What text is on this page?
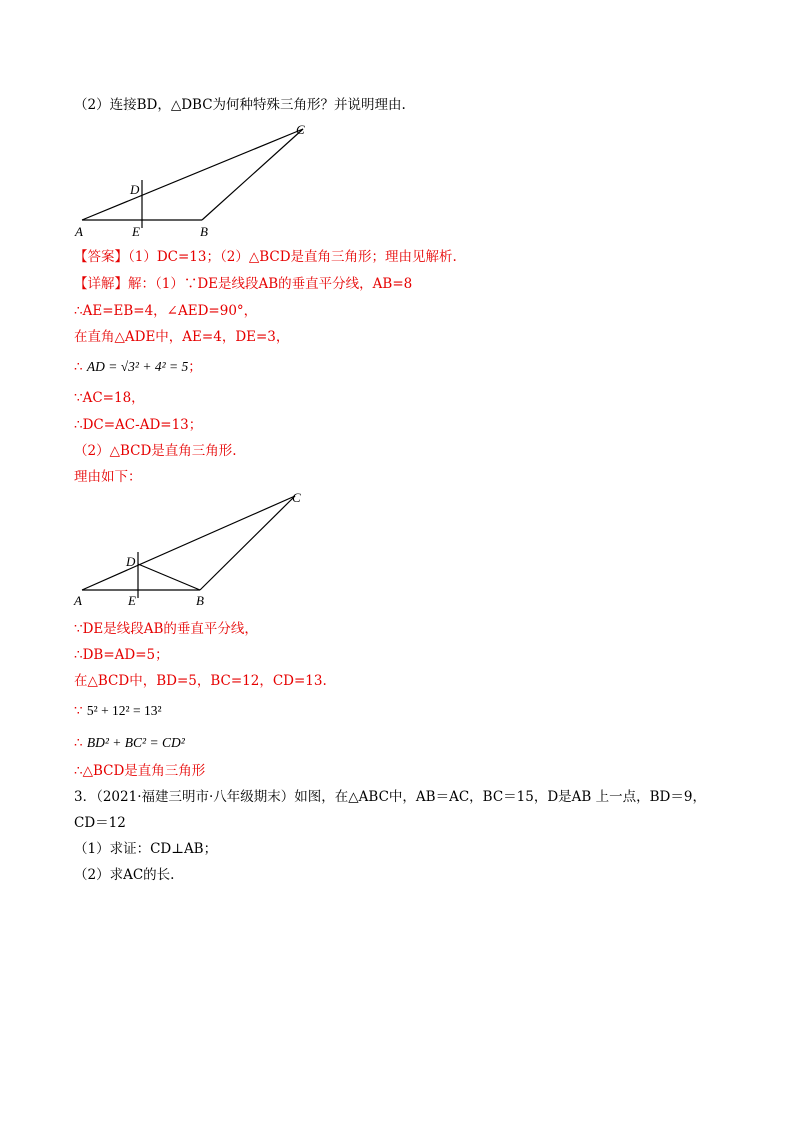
（2）连接BD，△DBC为何种特殊三角形？并说明理由.
A	B
C
D
E
【答案】（1）DC=13；（2）△BCD是直角三角形；理由见解析.
【详解】解：（1）∵DE是线段AB的垂直平分线，AB=8
∴AE=EB=4，∠AED=90°，
在直角△ADE中，AE=4，DE=3，
∴ AD = √3² + 4² = 5；
∵AC=18，
∴DC=AC-AD=13；
（2）△BCD是直角三角形.
理由如下：
A	B
C
D
E
∵DE是线段AB的垂直平分线，
∴DB=AD=5；
在△BCD中，BD=5，BC=12，CD=13.
∵ 5² + 12² = 13²
∴ BD² + BC² = CD²
∴△BCD是直角三角形
3．（2021·福建三明市·八年级期末）如图，在△ABC中，AB＝AC，BC＝15，D是AB 上一点，BD＝9，
CD＝12
（1）求证：CD⊥AB；
（2）求AC的长.
